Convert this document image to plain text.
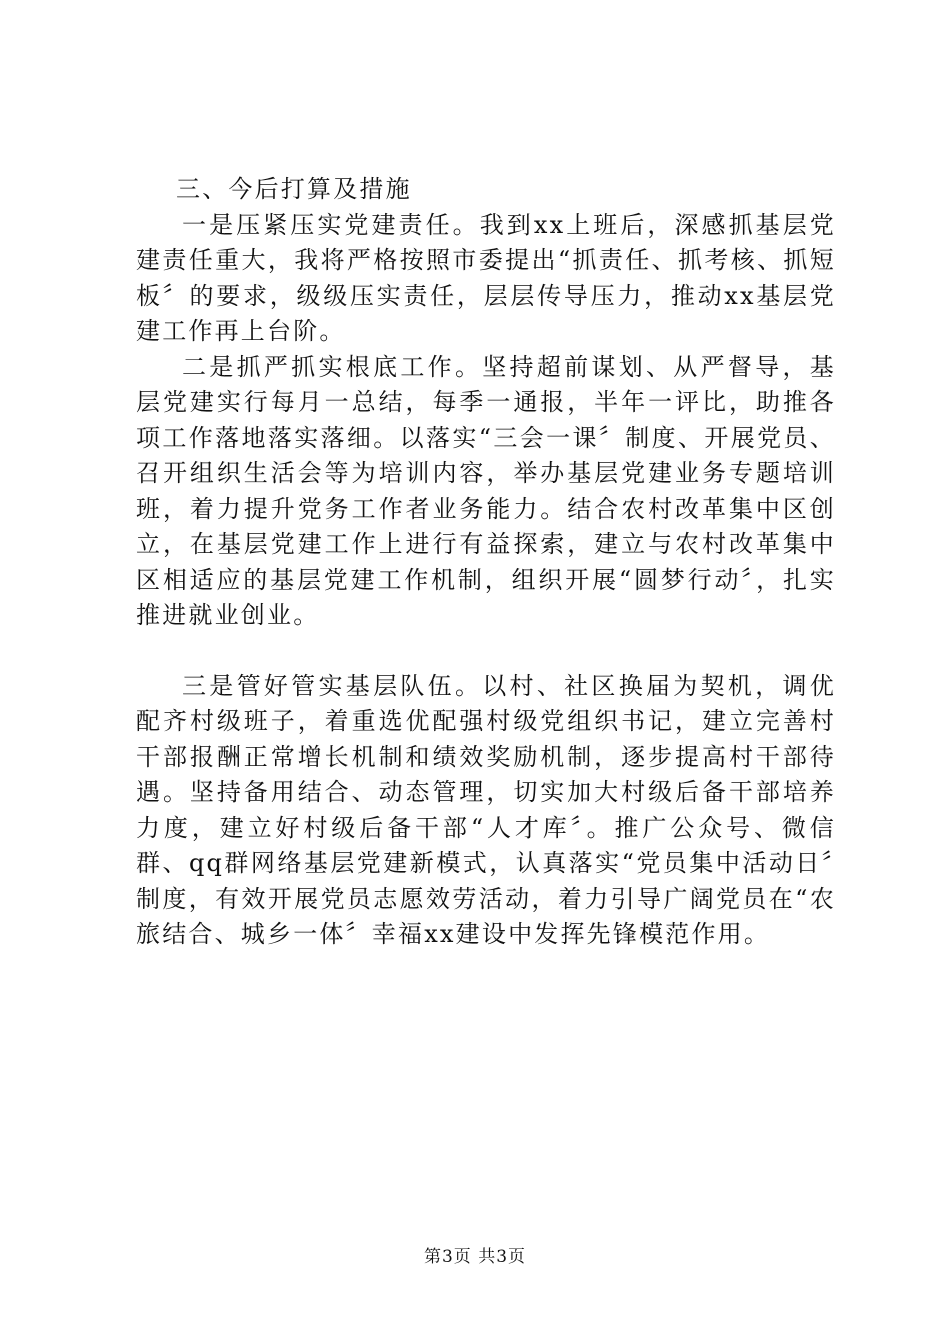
三、今后打算及措施

一是压紧压实党建责任。我到xx上班后，深感抓基层党建责任重大，我将严格按照市委提出“抓责任、抓考核、抓短板〞的要求，级级压实责任，层层传导压力，推动xx基层党建工作再上台阶。

二是抓严抓实根底工作。坚持超前谋划、从严督导，基层党建实行每月一总结，每季一通报，半年一评比，助推各项工作落地落实落细。以落实“三会一课〞制度、开展党员、召开组织生活会等为培训内容，举办基层党建业务专题培训班，着力提升党务工作者业务能力。结合农村改革集中区创立，在基层党建工作上进行有益探索，建立与农村改革集中区相适应的基层党建工作机制，组织开展“圆梦行动〞，扎实推进就业创业。

三是管好管实基层队伍。以村、社区换届为契机，调优配齐村级班子，着重选优配强村级党组织书记，建立完善村干部报酬正常增长机制和绩效奖励机制，逐步提高村干部待遇。坚持备用结合、动态管理，切实加大村级后备干部培养力度，建立好村级后备干部“人才库〞。推广公众号、微信群、qq群网络基层党建新模式，认真落实“党员集中活动日〞制度，有效开展党员志愿效劳活动，着力引导广阔党员在“农旅结合、城乡一体〞幸福xx建设中发挥先锋模范作用。

第3页 共3页
